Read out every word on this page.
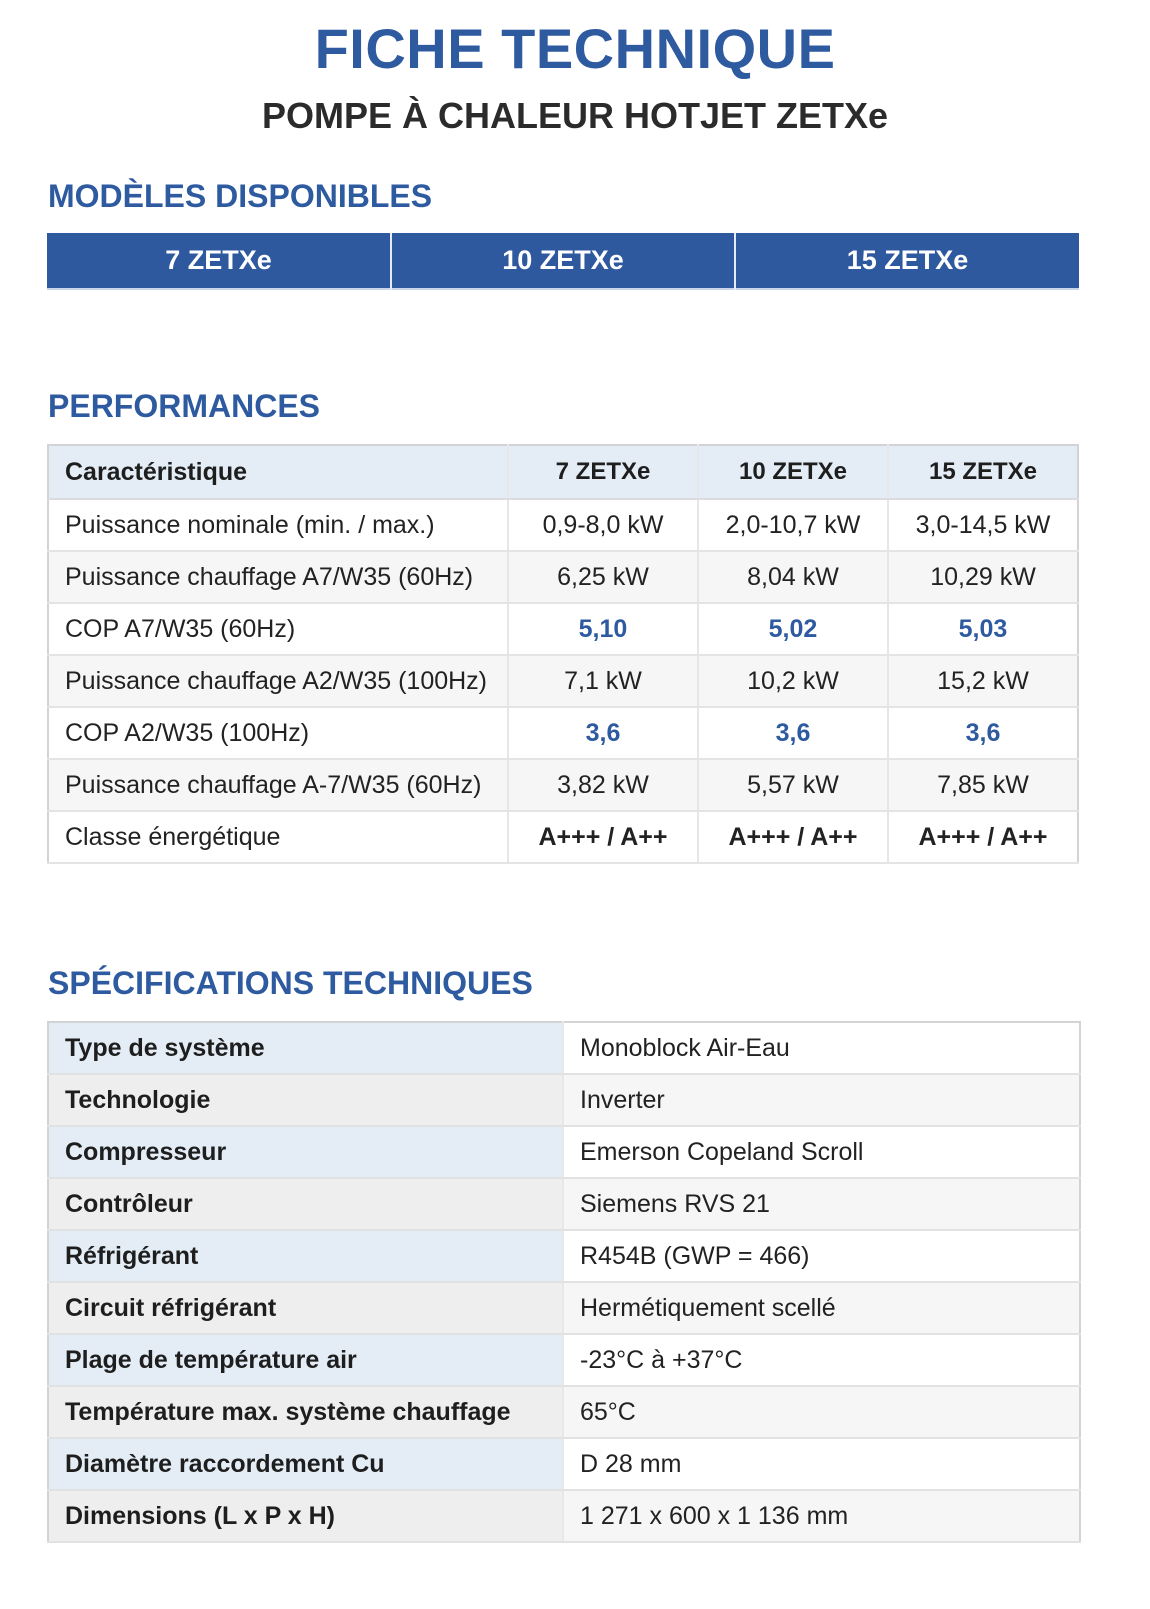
FICHE TECHNIQUE
POMPE À CHALEUR HOTJET ZETXe
MODÈLES DISPONIBLES
7 ZETXe	10 ZETXe	15 ZETXe
PERFORMANCES
Caractéristique	7 ZETXe	10 ZETXe	15 ZETXe
Puissance nominale (min. / max.)	0,9-8,0 kW	2,0-10,7 kW	3,0-14,5 kW
Puissance chauffage A7/W35 (60Hz)	6,25 kW	8,04 kW	10,29 kW
COP A7/W35 (60Hz)	5,10	5,02	5,03
Puissance chauffage A2/W35 (100Hz)	7,1 kW	10,2 kW	15,2 kW
COP A2/W35 (100Hz)	3,6	3,6	3,6
Puissance chauffage A-7/W35 (60Hz)	3,82 kW	5,57 kW	7,85 kW
Classe énergétique	A+++ / A++	A+++ / A++	A+++ / A++
SPÉCIFICATIONS TECHNIQUES
Type de système	Monoblock Air-Eau
Technologie	Inverter
Compresseur	Emerson Copeland Scroll
Contrôleur	Siemens RVS 21
Réfrigérant	R454B (GWP = 466)
Circuit réfrigérant	Hermétiquement scellé
Plage de température air	-23°C à +37°C
Température max. système chauffage	65°C
Diamètre raccordement Cu	D 28 mm
Dimensions (L x P x H)	1 271 x 600 x 1 136 mm
